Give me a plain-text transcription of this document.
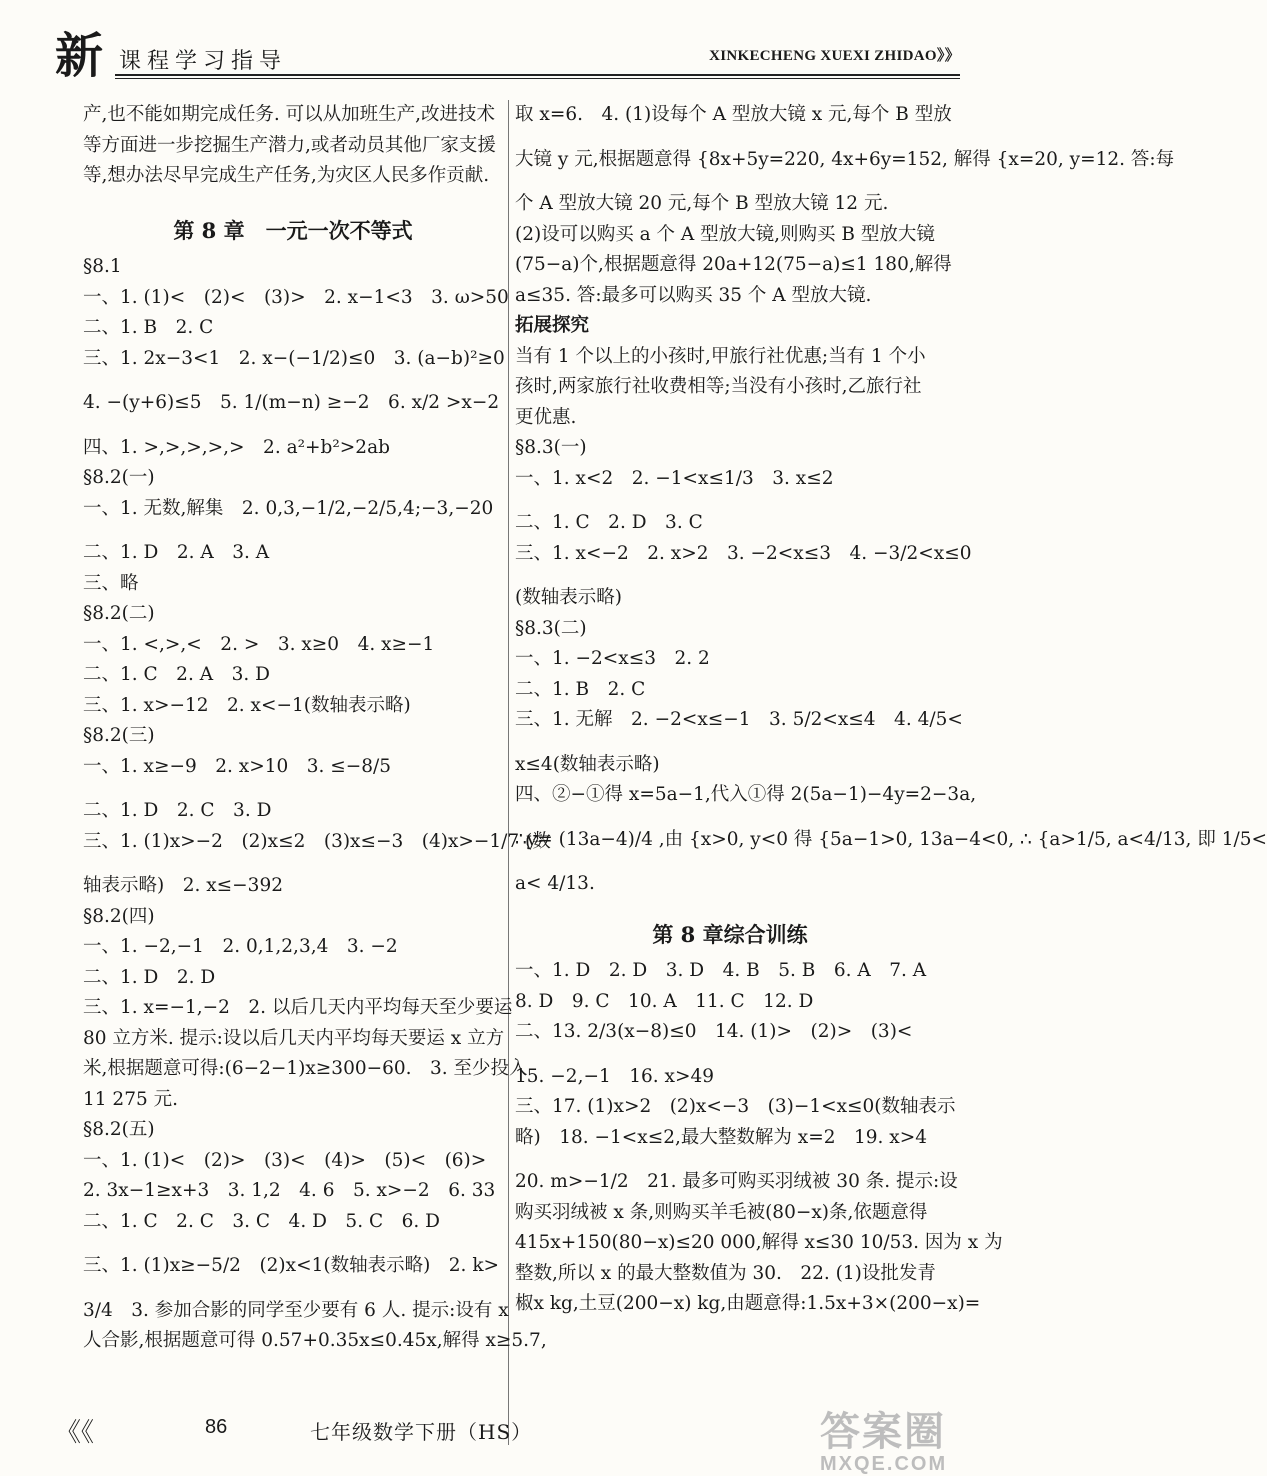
新 课程学习指导	XINKECHENG XUEXI ZHIDAO》》
产,也不能如期完成任务. 可以从加班生产,改进技术
等方面进一步挖掘生产潜力,或者动员其他厂家支援
等,想办法尽早完成生产任务,为灾区人民多作贡献.
第 8 章　一元一次不等式
§8.1
一、1. (1)<　(2)<　(3)>　2. x−1<3　3. ω>50
二、1. B　2. C
三、1. 2x−3<1　2. x−(−1/2)≤0　3. (a−b)²≥0
4. −(y+6)≤5　5. 1/(m−n) ≥−2　6. x/2 >x−2
四、1. >,>,>,>,>　2. a²+b²>2ab
§8.2(一)
一、1. 无数,解集　2. 0,3,−1/2,−2/5,4;−3,−20
二、1. D　2. A　3. A
三、略
§8.2(二)
一、1. <,>,<　2. >　3. x≥0　4. x≥−1
二、1. C　2. A　3. D
三、1. x>−12　2. x<−1(数轴表示略)
§8.2(三)
一、1. x≥−9　2. x>10　3. ≤−8/5
二、1. D　2. C　3. D
三、1. (1)x>−2　(2)x≤2　(3)x≤−3　(4)x>−1/7 (数
轴表示略)　2. x≤−392
§8.2(四)
一、1. −2,−1　2. 0,1,2,3,4　3. −2
二、1. D　2. D
三、1. x=−1,−2　2. 以后几天内平均每天至少要运
80 立方米. 提示:设以后几天内平均每天要运 x 立方
米,根据题意可得:(6−2−1)x≥300−60.　3. 至少投入
11 275 元.
§8.2(五)
一、1. (1)<　(2)>　(3)<　(4)>　(5)<　(6)>
2. 3x−1≥x+3　3. 1,2　4. 6　5. x>−2　6. 33
二、1. C　2. C　3. C　4. D　5. C　6. D
三、1. (1)x≥−5/2　(2)x<1(数轴表示略)　2. k>
3/4　3. 参加合影的同学至少要有 6 人. 提示:设有 x
人合影,根据题意可得 0.57+0.35x≤0.45x,解得 x≥5.7,
取 x=6.　4. (1)设每个 A 型放大镜 x 元,每个 B 型放
大镜 y 元,根据题意得 {8x+5y=220, 4x+6y=152, 解得 {x=20, y=12. 答:每
个 A 型放大镜 20 元,每个 B 型放大镜 12 元.
(2)设可以购买 a 个 A 型放大镜,则购买 B 型放大镜
(75−a)个,根据题意得 20a+12(75−a)≤1 180,解得
a≤35. 答:最多可以购买 35 个 A 型放大镜.
拓展探究
当有 1 个以上的小孩时,甲旅行社优惠;当有 1 个小
孩时,两家旅行社收费相等;当没有小孩时,乙旅行社
更优惠.
§8.3(一)
一、1. x<2　2. −1<x≤1/3　3. x≤2
二、1. C　2. D　3. C
三、1. x<−2　2. x>2　3. −2<x≤3　4. −3/2<x≤0
(数轴表示略)
§8.3(二)
一、1. −2<x≤3　2. 2
二、1. B　2. C
三、1. 无解　2. −2<x≤−1　3. 5/2<x≤4　4. 4/5<
x≤4(数轴表示略)
四、②−①得 x=5a−1,代入①得 2(5a−1)−4y=2−3a,
∴y= (13a−4)/4 ,由 {x>0, y<0 得 {5a−1>0, 13a−4<0, ∴ {a>1/5, a<4/13, 即 1/5<
a< 4/13.
第 8 章综合训练
一、1. D　2. D　3. D　4. B　5. B　6. A　7. A
8. D　9. C　10. A　11. C　12. D
二、13. 2/3(x−8)≤0　14. (1)>　(2)>　(3)<
15. −2,−1　16. x>49
三、17. (1)x>2　(2)x<−3　(3)−1<x≤0(数轴表示
略)　18. −1<x≤2,最大整数解为 x=2　19. x>4
20. m>−1/2　21. 最多可购买羽绒被 30 条. 提示:设
购买羽绒被 x 条,则购买羊毛被(80−x)条,依题意得
415x+150(80−x)≤20 000,解得 x≤30 10/53. 因为 x 为
整数,所以 x 的最大整数值为 30.　22. (1)设批发青
椒x kg,土豆(200−x) kg,由题意得:1.5x+3×(200−x)=
《《	86	七年级数学下册（HS）	答案圈
MXQE.COM
